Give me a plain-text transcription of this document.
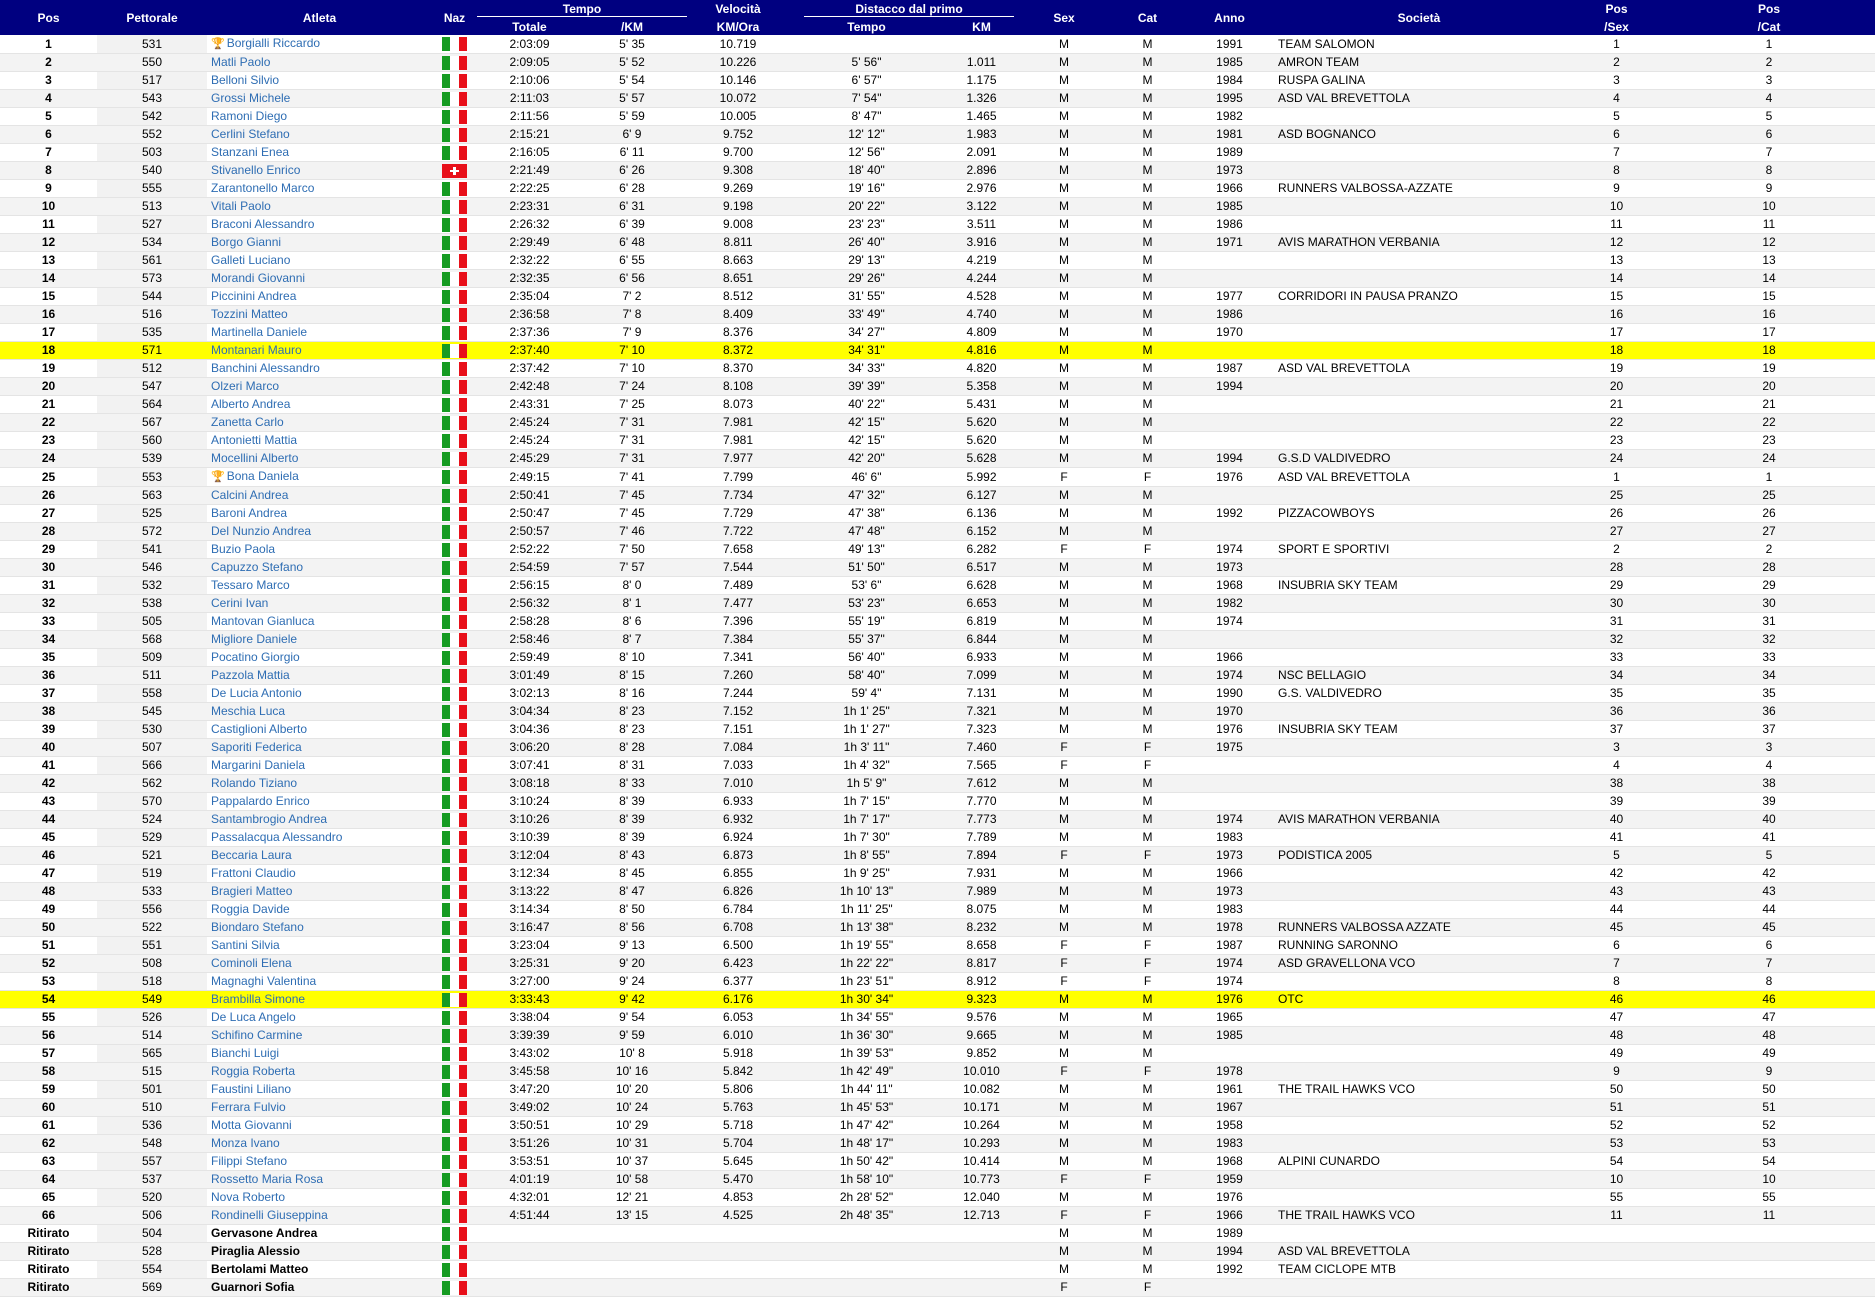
Pos	Pettorale	Atleta	Naz	Tempo		Velocità	Distacco dal primo		Sex	Cat	Anno	Società	Pos	Pos
				Totale	/KM	KM/Ora	Tempo	KM					/Sex	/Cat
1	531	🏆 Borgialli Riccardo		2:03:09	5' 35	10.719			M	M	1991	TEAM SALOMON	1	1
2	550	Matli Paolo		2:09:05	5' 52	10.226	5' 56"	1.011	M	M	1985	AMRON TEAM	2	2
3	517	Belloni Silvio		2:10:06	5' 54	10.146	6' 57"	1.175	M	M	1984	RUSPA GALINA	3	3
4	543	Grossi Michele		2:11:03	5' 57	10.072	7' 54"	1.326	M	M	1995	ASD VAL BREVETTOLA	4	4
5	542	Ramoni Diego		2:11:56	5' 59	10.005	8' 47"	1.465	M	M	1982		5	5
6	552	Cerlini Stefano		2:15:21	6' 9	9.752	12' 12"	1.983	M	M	1981	ASD BOGNANCO	6	6
7	503	Stanzani Enea		2:16:05	6' 11	9.700	12' 56"	2.091	M	M	1989		7	7
8	540	Stivanello Enrico		2:21:49	6' 26	9.308	18' 40"	2.896	M	M	1973		8	8
9	555	Zarantonello Marco		2:22:25	6' 28	9.269	19' 16"	2.976	M	M	1966	RUNNERS VALBOSSA-AZZATE	9	9
10	513	Vitali Paolo		2:23:31	6' 31	9.198	20' 22"	3.122	M	M	1985		10	10
11	527	Braconi Alessandro		2:26:32	6' 39	9.008	23' 23"	3.511	M	M	1986		11	11
12	534	Borgo Gianni		2:29:49	6' 48	8.811	26' 40"	3.916	M	M	1971	AVIS MARATHON VERBANIA	12	12
13	561	Galleti Luciano		2:32:22	6' 55	8.663	29' 13"	4.219	M	M			13	13
14	573	Morandi Giovanni		2:32:35	6' 56	8.651	29' 26"	4.244	M	M			14	14
15	544	Piccinini Andrea		2:35:04	7' 2	8.512	31' 55"	4.528	M	M	1977	CORRIDORI IN PAUSA PRANZO	15	15
16	516	Tozzini Matteo		2:36:58	7' 8	8.409	33' 49"	4.740	M	M	1986		16	16
17	535	Martinella Daniele		2:37:36	7' 9	8.376	34' 27"	4.809	M	M	1970		17	17
18	571	Montanari Mauro		2:37:40	7' 10	8.372	34' 31"	4.816	M	M			18	18
19	512	Banchini Alessandro		2:37:42	7' 10	8.370	34' 33"	4.820	M	M	1987	ASD VAL BREVETTOLA	19	19
20	547	Olzeri Marco		2:42:48	7' 24	8.108	39' 39"	5.358	M	M	1994		20	20
21	564	Alberto Andrea		2:43:31	7' 25	8.073	40' 22"	5.431	M	M			21	21
22	567	Zanetta Carlo		2:45:24	7' 31	7.981	42' 15"	5.620	M	M			22	22
23	560	Antonietti Mattia		2:45:24	7' 31	7.981	42' 15"	5.620	M	M			23	23
24	539	Mocellini Alberto		2:45:29	7' 31	7.977	42' 20"	5.628	M	M	1994	G.S.D VALDIVEDRO	24	24
25	553	🏆 Bona Daniela		2:49:15	7' 41	7.799	46' 6"	5.992	F	F	1976	ASD VAL BREVETTOLA	1	1
26	563	Calcini Andrea		2:50:41	7' 45	7.734	47' 32"	6.127	M	M			25	25
27	525	Baroni Andrea		2:50:47	7' 45	7.729	47' 38"	6.136	M	M	1992	PIZZACOWBOYS	26	26
28	572	Del Nunzio Andrea		2:50:57	7' 46	7.722	47' 48"	6.152	M	M			27	27
29	541	Buzio Paola		2:52:22	7' 50	7.658	49' 13"	6.282	F	F	1974	SPORT E SPORTIVI	2	2
30	546	Capuzzo Stefano		2:54:59	7' 57	7.544	51' 50"	6.517	M	M	1973		28	28
31	532	Tessaro Marco		2:56:15	8' 0	7.489	53' 6"	6.628	M	M	1968	INSUBRIA SKY TEAM	29	29
32	538	Cerini Ivan		2:56:32	8' 1	7.477	53' 23"	6.653	M	M	1982		30	30
33	505	Mantovan Gianluca		2:58:28	8' 6	7.396	55' 19"	6.819	M	M	1974		31	31
34	568	Migliore Daniele		2:58:46	8' 7	7.384	55' 37"	6.844	M	M			32	32
35	509	Pocatino Giorgio		2:59:49	8' 10	7.341	56' 40"	6.933	M	M	1966		33	33
36	511	Pazzola Mattia		3:01:49	8' 15	7.260	58' 40"	7.099	M	M	1974	NSC BELLAGIO	34	34
37	558	De Lucia Antonio		3:02:13	8' 16	7.244	59' 4"	7.131	M	M	1990	G.S. VALDIVEDRO	35	35
38	545	Meschia Luca		3:04:34	8' 23	7.152	1h 1' 25"	7.321	M	M	1970		36	36
39	530	Castiglioni Alberto		3:04:36	8' 23	7.151	1h 1' 27"	7.323	M	M	1976	INSUBRIA SKY TEAM	37	37
40	507	Saporiti Federica		3:06:20	8' 28	7.084	1h 3' 11"	7.460	F	F	1975		3	3
41	566	Margarini Daniela		3:07:41	8' 31	7.033	1h 4' 32"	7.565	F	F			4	4
42	562	Rolando Tiziano		3:08:18	8' 33	7.010	1h 5' 9"	7.612	M	M			38	38
43	570	Pappalardo Enrico		3:10:24	8' 39	6.933	1h 7' 15"	7.770	M	M			39	39
44	524	Santambrogio Andrea		3:10:26	8' 39	6.932	1h 7' 17"	7.773	M	M	1974	AVIS MARATHON VERBANIA	40	40
45	529	Passalacqua Alessandro		3:10:39	8' 39	6.924	1h 7' 30"	7.789	M	M	1983		41	41
46	521	Beccaria Laura		3:12:04	8' 43	6.873	1h 8' 55"	7.894	F	F	1973	PODISTICA 2005	5	5
47	519	Frattoni Claudio		3:12:34	8' 45	6.855	1h 9' 25"	7.931	M	M	1966		42	42
48	533	Bragieri Matteo		3:13:22	8' 47	6.826	1h 10' 13"	7.989	M	M	1973		43	43
49	556	Roggia Davide		3:14:34	8' 50	6.784	1h 11' 25"	8.075	M	M	1983		44	44
50	522	Biondaro Stefano		3:16:47	8' 56	6.708	1h 13' 38"	8.232	M	M	1978	RUNNERS VALBOSSA AZZATE	45	45
51	551	Santini Silvia		3:23:04	9' 13	6.500	1h 19' 55"	8.658	F	F	1987	RUNNING SARONNO	6	6
52	508	Cominoli Elena		3:25:31	9' 20	6.423	1h 22' 22"	8.817	F	F	1974	ASD GRAVELLONA VCO	7	7
53	518	Magnaghi Valentina		3:27:00	9' 24	6.377	1h 23' 51"	8.912	F	F	1974		8	8
54	549	Brambilla Simone		3:33:43	9' 42	6.176	1h 30' 34"	9.323	M	M	1976	OTC	46	46
55	526	De Luca Angelo		3:38:04	9' 54	6.053	1h 34' 55"	9.576	M	M	1965		47	47
56	514	Schifino Carmine		3:39:39	9' 59	6.010	1h 36' 30"	9.665	M	M	1985		48	48
57	565	Bianchi Luigi		3:43:02	10' 8	5.918	1h 39' 53"	9.852	M	M			49	49
58	515	Roggia Roberta		3:45:58	10' 16	5.842	1h 42' 49"	10.010	F	F	1978		9	9
59	501	Faustini Liliano		3:47:20	10' 20	5.806	1h 44' 11"	10.082	M	M	1961	THE TRAIL HAWKS VCO	50	50
60	510	Ferrara Fulvio		3:49:02	10' 24	5.763	1h 45' 53"	10.171	M	M	1967		51	51
61	536	Motta Giovanni		3:50:51	10' 29	5.718	1h 47' 42"	10.264	M	M	1958		52	52
62	548	Monza Ivano		3:51:26	10' 31	5.704	1h 48' 17"	10.293	M	M	1983		53	53
63	557	Filippi Stefano		3:53:51	10' 37	5.645	1h 50' 42"	10.414	M	M	1968	ALPINI CUNARDO	54	54
64	537	Rossetto Maria Rosa		4:01:19	10' 58	5.470	1h 58' 10"	10.773	F	F	1959		10	10
65	520	Nova Roberto		4:32:01	12' 21	4.853	2h 28' 52"	12.040	M	M	1976		55	55
66	506	Rondinelli Giuseppina		4:51:44	13' 15	4.525	2h 48' 35"	12.713	F	F	1966	THE TRAIL HAWKS VCO	11	11
Ritirato	504	Gervasone Andrea							M	M	1989			
Ritirato	528	Piraglia Alessio							M	M	1994	ASD VAL BREVETTOLA		
Ritirato	554	Bertolami Matteo							M	M	1992	TEAM CICLOPE MTB		
Ritirato	569	Guarnori Sofia							F	F				
